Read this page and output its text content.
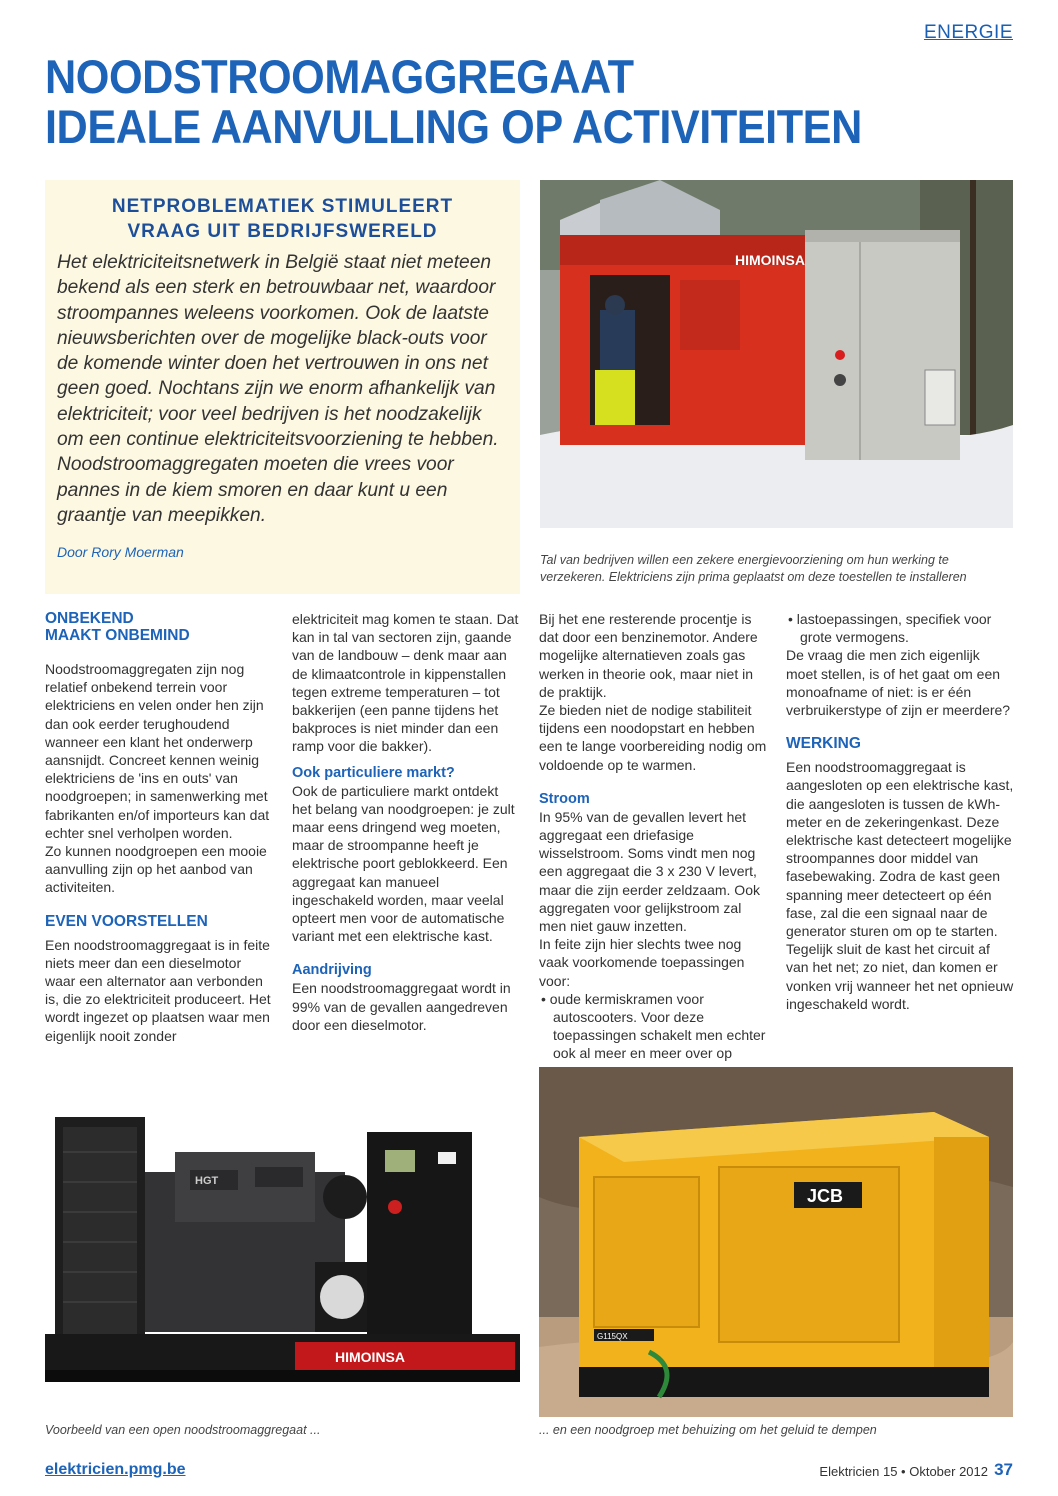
ENERGIE
NOODSTROOMAGGREGAAT
IDEALE AANVULLING OP ACTIVITEITEN

NETPROBLEMATIEK STIMULEERT
VRAAG UIT BEDRIJFSWERELD

Het elektriciteitsnetwerk in België staat niet meteen bekend als een sterk en betrouwbaar net, waardoor stroompannes weleens voorkomen. Ook de laatste nieuwsberichten over de mogelijke black-outs voor de komende winter doen het vertrouwen in ons net geen goed. Nochtans zijn we enorm afhankelijk van elektriciteit; voor veel bedrijven is het noodzakelijk om een continue elektriciteitsvoorziening te hebben. Noodstroomaggregaten moeten die vrees voor pannes in de kiem smoren en daar kunt u een graantje van meepikken.

Door Rory Moerman
HIMOINSA

Tal van bedrijven willen een zekere energievoorziening om hun werking te verzekeren. Elektriciens zijn prima geplaatst om deze toestellen te installeren

ONBEKEND
MAAKT ONBEMIND

Noodstroomaggregaten zijn nog relatief onbekend terrein voor elektriciens en velen onder hen zijn dan ook eerder terughoudend wanneer een klant het onderwerp aansnijdt. Concreet kennen weinig elektriciens de 'ins en outs' van noodgroepen; in samenwerking met fabrikanten en/of importeurs kan dat echter snel verholpen worden.

Zo kunnen noodgroepen een mooie aanvulling zijn op het aanbod van activiteiten.

EVEN VOORSTELLEN

Een noodstroomaggregaat is in feite niets meer dan een dieselmotor waar een alternator aan verbonden is, die zo elektriciteit produceert. Het wordt ingezet op plaatsen waar men eigenlijk nooit zonder

elektriciteit mag komen te staan. Dat kan in tal van sectoren zijn, gaande van de landbouw – denk maar aan de klimaatcontrole in kippenstallen tegen extreme temperaturen – tot bakkerijen (een panne tijdens het bakproces is niet minder dan een ramp voor die bakker).

Ook particuliere markt?

Ook de particuliere markt ontdekt het belang van noodgroepen: je zult maar eens dringend weg moeten, maar de stroompanne heeft je elektrische poort geblokkeerd. Een aggregaat kan manueel ingeschakeld worden, maar veelal opteert men voor de automatische variant met een elektrische kast.

Aandrijving

Een noodstroomaggregaat wordt in 99% van de gevallen aangedreven door een dieselmotor.

Bij het ene resterende procentje is dat door een benzinemotor. Andere mogelijke alternatieven zoals gas werken in theorie ook, maar niet in de praktijk.

Ze bieden niet de nodige stabiliteit tijdens een noodopstart en hebben een te lange voorbereiding nodig om voldoende op te warmen.

Stroom

In 95% van de gevallen levert het aggregaat een driefasige wisselstroom. Soms vindt men nog een aggregaat die 3 x 230 V levert, maar die zijn eerder zeldzaam. Ook aggregaten voor gelijkstroom zal men niet gauw inzetten.

In feite zijn hier slechts twee nog vaak voorkomende toepassingen voor:

• oude kermiskramen voor autoscooters. Voor deze toepassingen schakelt men echter ook al meer en meer over op

• lastoepassingen, specifiek voor grote vermogens.

De vraag die men zich eigenlijk moet stellen, is of het gaat om een monoafname of niet: is er één verbruikerstype of zijn er meerdere?

WERKING

Een noodstroomaggregaat is aangesloten op een elektrische kast, die aangesloten is tussen de kWh-meter en de zekeringenkast. Deze elektrische kast detecteert mogelijke stroompannes door middel van fasebewaking. Zodra de kast geen spanning meer detecteert op één fase, zal die een signaal naar de generator sturen om op te starten. Tegelijk sluit de kast het circuit af van het net; zo niet, dan komen er vonken vrij wanneer het net opnieuw ingeschakeld wordt.

HGT
HIMOINSA

Voorbeeld van een open noodstroomaggregaat ...

JCB
G115QX

... en een noodgroep met behuizing om het geluid te dempen

elektricien.pmg.be	Elektricien 15 • Oktober 2012 37
